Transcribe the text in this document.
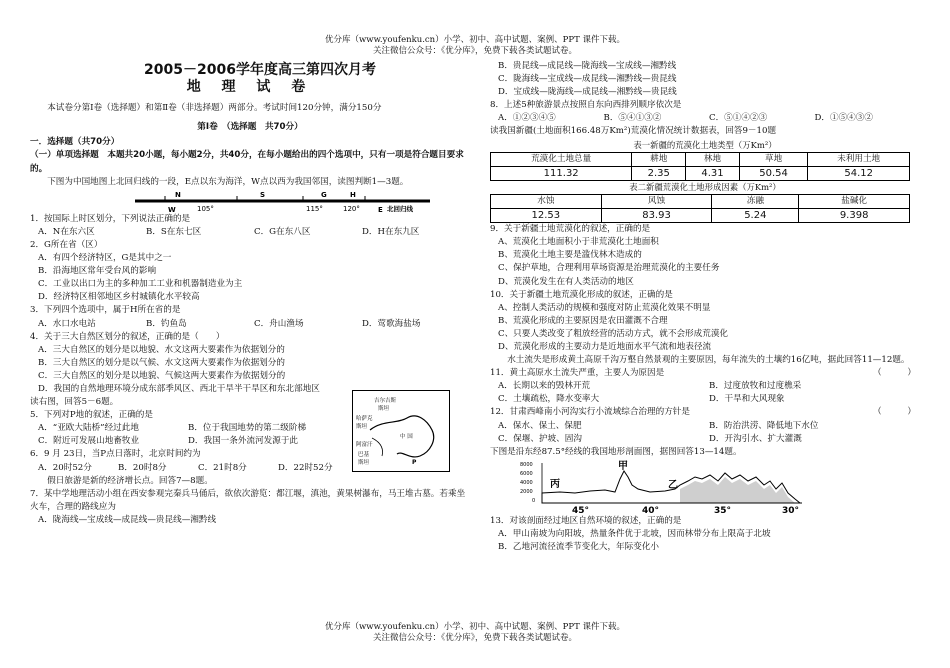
优分库（www.youfenku.cn）小学、初中、高中试题、案例、PPT 课件下载。
关注微信公众号：《优分库》，免费下载各类试题试卷。
2005－2006学年度高三第四次月考
地 理 试 卷
本试卷分第Ⅰ卷（选择题）和第Ⅱ卷（非选择题）两部分。考试时间120分钟，满分150分
第Ⅰ卷　（选择题　共70分）
一．选择题（共70分）
（一）单项选择题　本题共20小题，每小题2分，共40分，在每小题给出的四个选项中，只有一项是符合题目要求的。
下图为中国地图上北回归线的一段，E点以东为海洋，W点以西为我国邻国，读图判断1—3题。
N	S	G	H
W	105°	115°	120°	E 北回归线
1．按国际上时区划分，下列说法正确的是
A．N在东六区	B．S在东七区	C．G在东八区	D．H在东九区
2．G所在省（区）
A．有四个经济特区，G是其中之一
B．沿海地区常年受台风的影响
C．工业以出口为主的多种加工工业和机器制造业为主
D．经济特区相邻地区乡村城镇化水平较高
3．下列四个选项中，属于H所在省的是
A．水口水电站	B．钓鱼岛	C．舟山渔场	D．莺歌海盐场
4．关于三大自然区划分的叙述，正确的是（　　）
A．三大自然区的划分是以地貌、水文这两大要素作为依据划分的
B．三大自然区的划分是以气候、水文这两大要素作为依据划分的
C．三大自然区的划分是以地貌、气候这两大要素作为依据划分的
D．我国的自然地理环境分成东部季风区、西北干旱半干旱区和东北部地区
读右图，回答5－6题。
5．下列对P地的叙述，正确的是
A．“亚欧大陆桥”经过此地	B．位于我国地势的第二级阶梯
C．附近可发展山地畜牧业	D．我国一条外流河发源于此
6．9 月 23日，当P点日落时，北京时间约为
A．20时52分	B．20时8分	C．21时8分	D．22时52分
吉尔吉斯
斯坦
哈萨克
斯坦
中 国
阿富汗
巴基
斯坦	P
假日旅游是新的经济增长点。回答7—8题。
7．某中学地理活动小组在西安参观完秦兵马俑后，欲依次游览：都江堰，滇池，黄果树瀑布，马王堆古墓。若乘坐火车，合理的路线应为
A．陇海线—宝成线—成昆线—贵昆线—湘黔线
B．贵昆线—成昆线—陇海线—宝成线—湘黔线
C．陇海线—宝成线—成昆线—湘黔线—贵昆线
D．宝成线—陇海线—成昆线—湘黔线—贵昆线
8．上述5种旅游景点按照自东向西排列顺序依次是
A．①②③④⑤	B．⑤④①③②	C．⑤①④②③	D．①⑤④③②
读我国新疆(土地面积166.48万Km²)荒漠化情况统计数据表，回答9－10题
表一新疆的荒漠化土地类型（万Km²）
荒漠化土地总量	耕地	林地	草地	未利用土地
111.32	2.35	4.31	50.54	54.12
表二新疆荒漠化土地形成因素（万Km²）
水蚀	风蚀	冻融	盐碱化
12.53	83.93	5.24	9.398
9．关于新疆土地荒漠化的叙述，正确的是
A、荒漠化土地面积小于非荒漠化土地面积
B、荒漠化土地主要是滥伐林木造成的
C、保护草地，合理利用草场资源是治理荒漠化的主要任务
D、荒漠化发生在有人类活动的地区
10．关于新疆土地荒漠化形成的叙述，正确的是
A、控制人类活动的规模和强度对防止荒漠化效果不明显
B、荒漠化形成的主要原因是农田灌溉不合理
C、只要人类改变了粗放经营的活动方式，就不会形成荒漠化
D、荒漠化形成的主要动力是近地面水平气流和地表径流
水土流失是形成黄土高原千沟万壑自然景观的主要原因，每年流失的土壤约16亿吨，据此回答11—12题。
11．黄土高原水土流失严重，主要人为原因是	（　　　）
A．长期以来的毁林开荒	B．过度放牧和过度樵采
C．土壤疏松，降水变率大	D．干旱和大风现象
12．甘肃西峰南小河沟实行小流域综合治理的方针是	（　　　）
A．保水、保土、保肥	B．防治洪涝、降低地下水位
C．保堰、护坡、固沟	D．开沟引水、扩大灌溉
下图是沿东经87.5°经线的我国地形剖面图，据图回答13—14题。
8000
6000
4000
2000
0
丙
甲
乙
45°	40°	35°	30°
13．对该剖面经过地区自然环境的叙述，正确的是
A．甲山南坡为向阳坡，热量条件优于北坡，因而林带分布上限高于北坡
B．乙地河流径流季节变化大，年际变化小
优分库（www.youfenku.cn）小学、初中、高中试题、案例、PPT 课件下载。
关注微信公众号：《优分库》，免费下载各类试题试卷。
